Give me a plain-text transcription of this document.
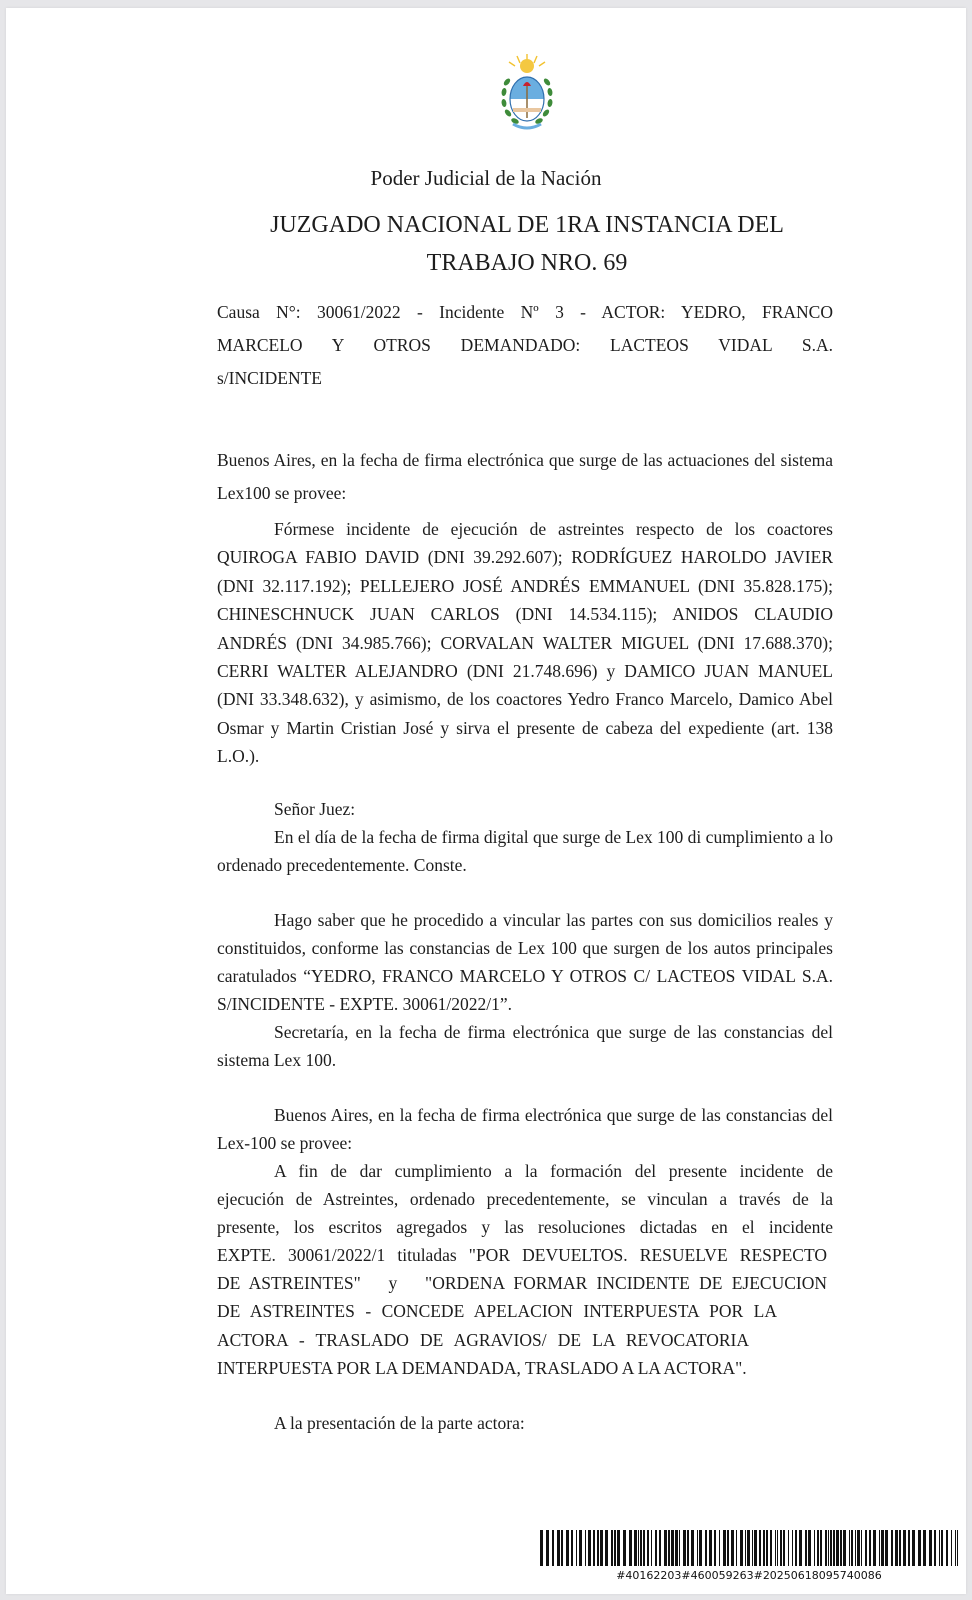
Poder Judicial de la Nación
JUZGADO NACIONAL DE 1RA INSTANCIA DEL
TRABAJO NRO. 69
Causa N°: 30061/2022 - Incidente Nº 3 - ACTOR: YEDRO, FRANCO
MARCELO Y OTROS DEMANDADO: LACTEOS VIDAL S.A.
s/INCIDENTE

Buenos Aires, en la fecha de firma electrónica que surge de las actuaciones del sistema Lex100 se provee:

Fórmese incidente de ejecución de astreintes respecto de los coactores QUIROGA FABIO DAVID (DNI 39.292.607); RODRÍGUEZ HAROLDO JAVIER (DNI 32.117.192); PELLEJERO JOSÉ ANDRÉS EMMANUEL (DNI 35.828.175); CHINESCHNUCK JUAN CARLOS (DNI 14.534.115); ANIDOS CLAUDIO ANDRÉS (DNI 34.985.766); CORVALAN WALTER MIGUEL (DNI 17.688.370); CERRI WALTER ALEJANDRO (DNI 21.748.696) y DAMICO JUAN MANUEL (DNI 33.348.632), y asimismo, de los coactores Yedro Franco Marcelo, Damico Abel Osmar y Martin Cristian José y sirva el presente de cabeza del expediente (art. 138 L.O.).

Señor Juez:

En el día de la fecha de firma digital que surge de Lex 100 di cumplimiento a lo ordenado precedentemente. Conste.

Hago saber que he procedido a vincular las partes con sus domicilios reales y constituidos, conforme las constancias de Lex 100 que surgen de los autos principales caratulados “YEDRO, FRANCO MARCELO Y OTROS C/ LACTEOS VIDAL S.A. S/INCIDENTE - EXPTE. 30061/2022/1”.

Secretaría, en la fecha de firma electrónica que surge de las constancias del sistema Lex 100.

Buenos Aires, en la fecha de firma electrónica que surge de las constancias del Lex-100 se provee:

A fin de dar cumplimiento a la formación del presente incidente de
ejecución de Astreintes, ordenado precedentemente, se vinculan a través de la
presente, los escritos agregados y las resoluciones dictadas en el incidente
EXPTE. 30061/2022/1 tituladas "POR DEVUELTOS. RESUELVE RESPECTO
DE ASTREINTES"   y   "ORDENA FORMAR INCIDENTE DE EJECUCION
DE ASTREINTES - CONCEDE APELACION INTERPUESTA POR LA
ACTORA - TRASLADO DE AGRAVIOS/ DE LA REVOCATORIA
INTERPUESTA POR LA DEMANDADA, TRASLADO A LA ACTORA".

A la presentación de la parte actora:

#40162203#460059263#20250618095740086
